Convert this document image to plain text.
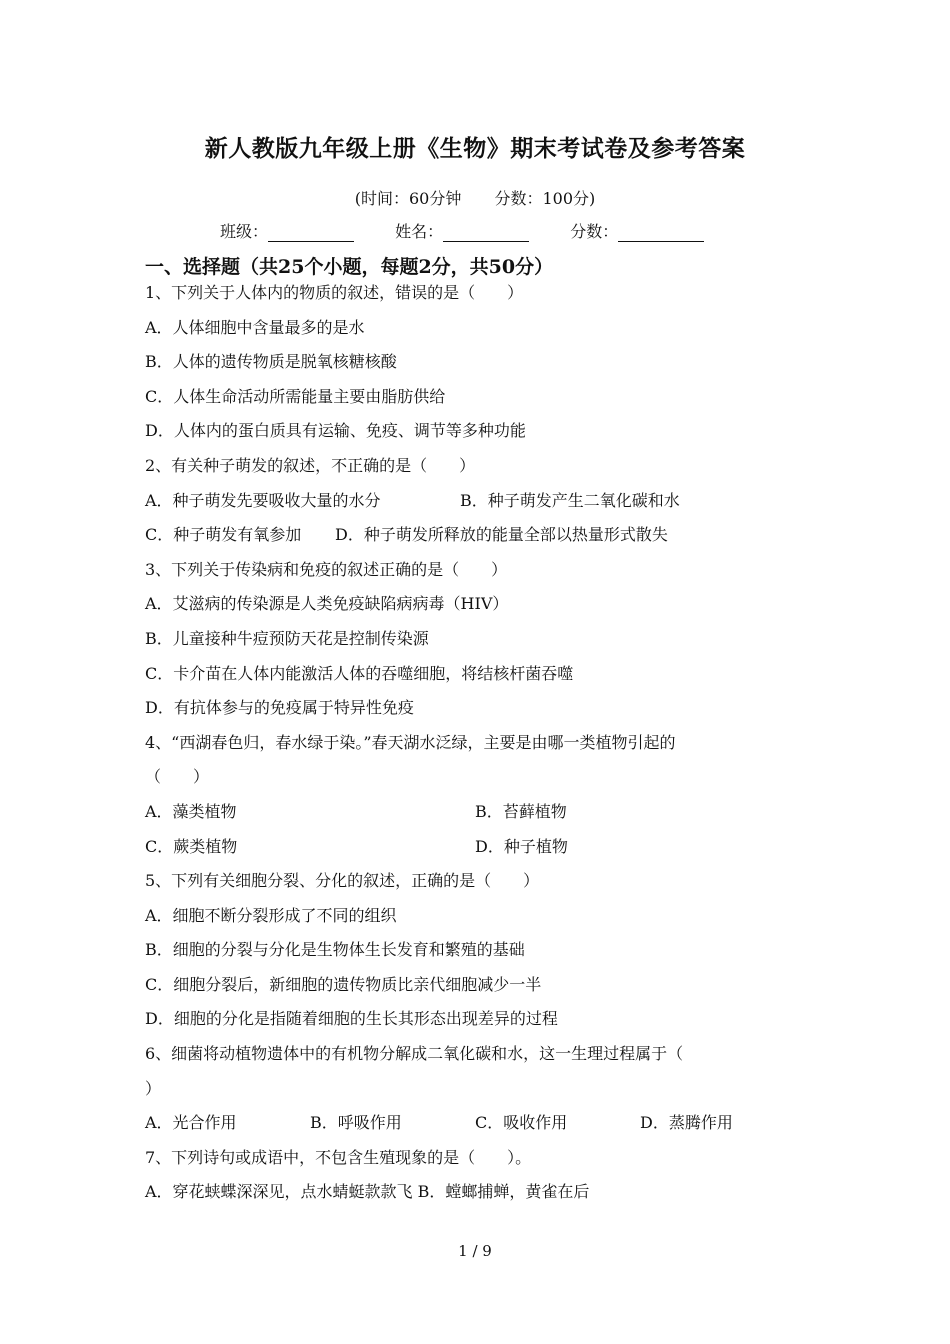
新人教版九年级上册《生物》期末考试卷及参考答案
(时间：60分钟 分数：100分)
班级：	姓名：	分数：
一、选择题（共25个小题，每题2分，共50分）
1、下列关于人体内的物质的叙述，错误的是（　　）
A．人体细胞中含量最多的是水
B．人体的遗传物质是脱氧核糖核酸
C．人体生命活动所需能量主要由脂肪供给
D．人体内的蛋白质具有运输、免疫、调节等多种功能
2、有关种子萌发的叙述，不正确的是（　　）
A．种子萌发先要吸收大量的水分	B．种子萌发产生二氧化碳和水
C．种子萌发有氧参加 D．种子萌发所释放的能量全部以热量形式散失
3、下列关于传染病和免疫的叙述正确的是（　　）
A．艾滋病的传染源是人类免疫缺陷病病毒（HIV）
B．儿童接种牛痘预防天花是控制传染源
C．卡介苗在人体内能激活人体的吞噬细胞，将结核杆菌吞噬
D．有抗体参与的免疫属于特异性免疫
4、“西湖春色归，春水绿于染。”春天湖水泛绿，主要是由哪一类植物引起的
（　　）
A．藻类植物	B．苔藓植物
C．蕨类植物	D．种子植物
5、下列有关细胞分裂、分化的叙述，正确的是（　　）
A．细胞不断分裂形成了不同的组织
B．细胞的分裂与分化是生物体生长发育和繁殖的基础
C．细胞分裂后，新细胞的遗传物质比亲代细胞减少一半
D．细胞的分化是指随着细胞的生长其形态出现差异的过程
6、细菌将动植物遗体中的有机物分解成二氧化碳和水，这一生理过程属于（
）
A．光合作用	B．呼吸作用	C．吸收作用	D．蒸腾作用
7、下列诗句或成语中，不包含生殖现象的是（　　）。
A．穿花蛱蝶深深见，点水蜻蜓款款飞 B．螳螂捕蝉，黄雀在后
1 / 9
